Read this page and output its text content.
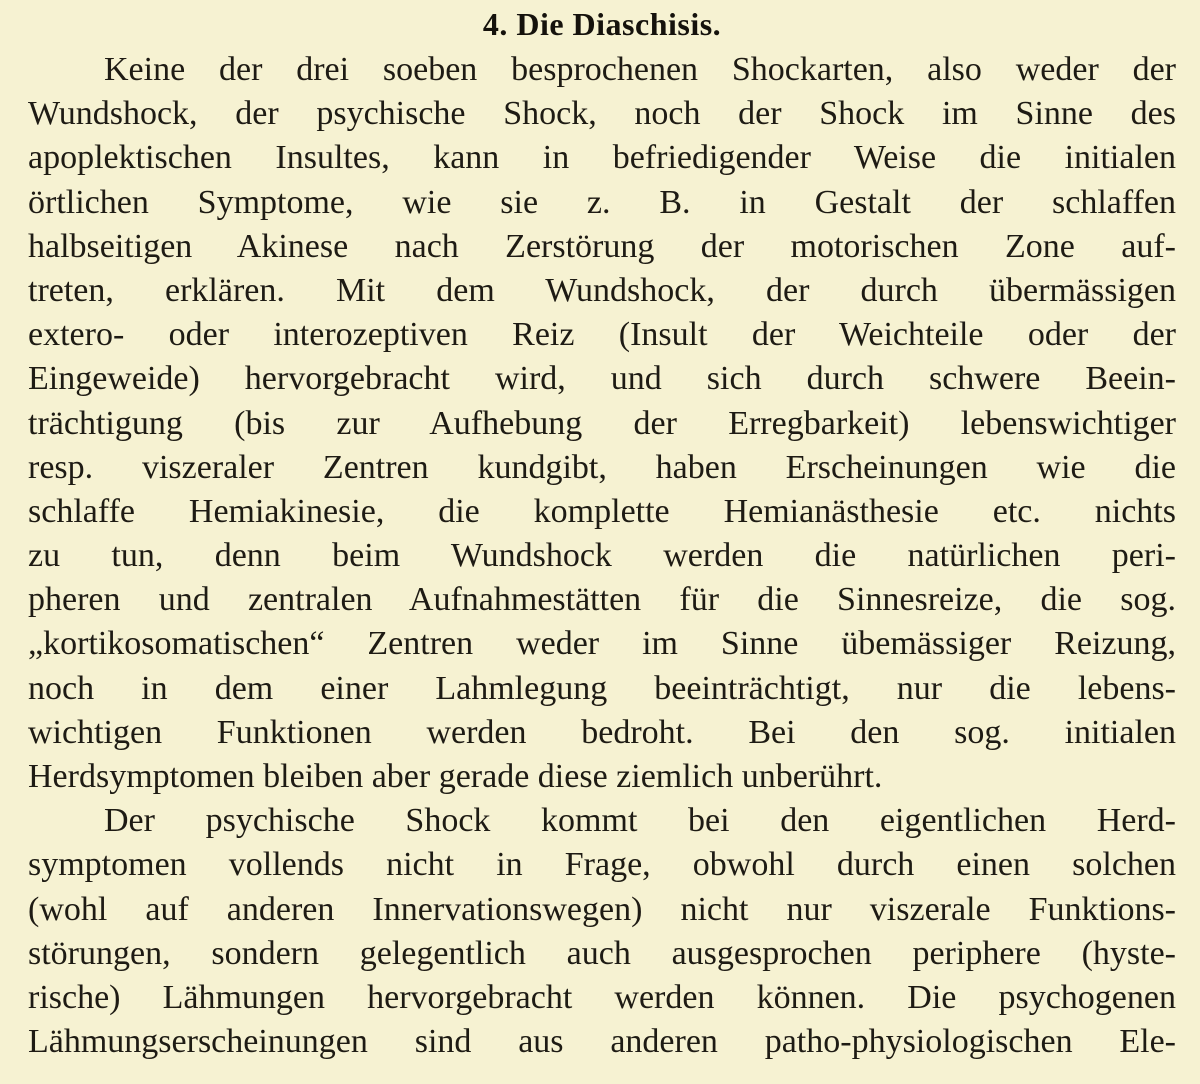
4. Die Diaschisis.
Keine der drei soeben besprochenen Shockarten, also weder der
Wundshock, der psychische Shock, noch der Shock im Sinne des
apoplektischen Insultes, kann in befriedigender Weise die initialen
örtlichen Symptome, wie sie z. B. in Gestalt der schlaffen
halbseitigen Akinese nach Zerstörung der motorischen Zone auf-
treten, erklären. Mit dem Wundshock, der durch übermässigen
extero- oder interozeptiven Reiz (Insult der Weichteile oder der
Eingeweide) hervorgebracht wird, und sich durch schwere Beein-
trächtigung (bis zur Aufhebung der Erregbarkeit) lebenswichtiger
resp. viszeraler Zentren kundgibt, haben Erscheinungen wie die
schlaffe Hemiakinesie, die komplette Hemianästhesie etc. nichts
zu tun, denn beim Wundshock werden die natürlichen peri-
pheren und zentralen Aufnahmestätten für die Sinnesreize, die sog.
„kortikosomatischen“ Zentren weder im Sinne übemässiger Reizung,
noch in dem einer Lahmlegung beeinträchtigt, nur die lebens-
wichtigen Funktionen werden bedroht. Bei den sog. initialen
Herdsymptomen bleiben aber gerade diese ziemlich unberührt.
Der psychische Shock kommt bei den eigentlichen Herd-
symptomen vollends nicht in Frage, obwohl durch einen solchen
(wohl auf anderen Innervationswegen) nicht nur viszerale Funktions-
störungen, sondern gelegentlich auch ausgesprochen periphere (hyste-
rische) Lähmungen hervorgebracht werden können. Die psychogenen
Lähmungserscheinungen sind aus anderen patho-physiologischen Ele-
